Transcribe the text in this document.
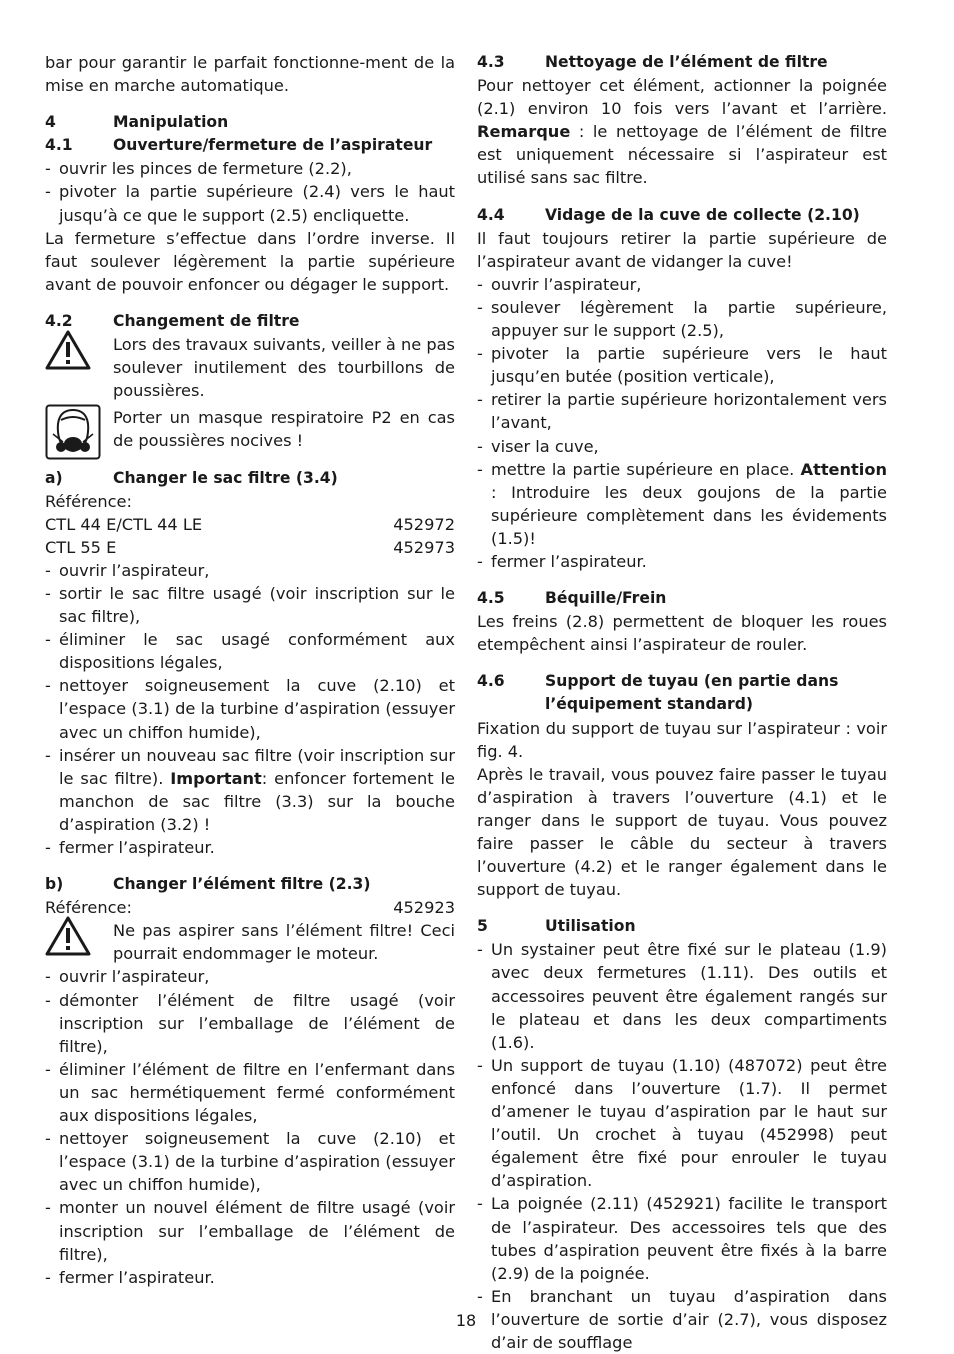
bar pour garantir le parfait fonctionne-ment de la mise en marche automatique.

4	Manipulation
4.1	Ouverture/fermeture de l’aspirateur
- ouvrir les pinces de fermeture (2.2),
- pivoter la partie supérieure (2.4) vers le haut jusqu’à ce que le support (2.5) encliquette.

La fermeture s’effectue dans l’ordre inverse. Il faut soulever légèrement la partie supérieure avant de pouvoir enfoncer ou dégager le support.

4.2	Changement de filtre
Lors des travaux suivants, veiller à ne pas soulever inutilement des tourbillons de poussières.
Porter un masque respiratoire P2 en cas de poussières nocives !
a)	Changer le sac filtre (3.4)

Référence:

CTL 44 E/CTL 44 LE	452972
CTL 55 E	452973
- ouvrir l’aspirateur,
- sortir le sac filtre usagé (voir inscription sur le sac filtre),
- éliminer le sac usagé conformément aux dispositions légales,
- nettoyer soigneusement la cuve (2.10) et l’espace (3.1) de la turbine d’aspiration (essuyer avec un chiffon humide),
- insérer un nouveau sac filtre (voir inscription sur le sac filtre). Important: enfoncer fortement le manchon de sac filtre (3.3) sur la bouche d’aspiration (3.2) !
- fermer l’aspirateur.
b)	Changer l’élément filtre (2.3)
Référence:	452923
Ne pas aspirer sans l’élément filtre! Ceci pourrait endommager le moteur.
- ouvrir l’aspirateur,
- démonter l’élément de filtre usagé (voir inscription sur l’emballage de l’élément de filtre),
- éliminer l’élément de filtre en l’enfermant dans un sac hermétiquement fermé conformément aux dispositions légales,
- nettoyer soigneusement la cuve (2.10) et l’espace (3.1) de la turbine d’aspiration (essuyer avec un chiffon humide),
- monter un nouvel élément de filtre usagé (voir inscription sur l’emballage de l’élément de filtre),
- fermer l’aspirateur.
4.3	Nettoyage de l’élément de filtre

Pour nettoyer cet élément, actionner la poignée (2.1) environ 10 fois vers l’avant et l’arrière. Remarque : le nettoyage de l’élément de filtre est uniquement nécessaire si l’aspirateur est utilisé sans sac filtre.

4.4	Vidage de la cuve de collecte (2.10)

Il faut toujours retirer la partie supérieure de l’aspirateur avant de vidanger la cuve!

- ouvrir l’aspirateur,
- soulever légèrement la partie supérieure, appuyer sur le support (2.5),
- pivoter la partie supérieure vers le haut jusqu’en butée (position verticale),
- retirer la partie supérieure horizontalement vers l’avant,
- viser la cuve,
- mettre la partie supérieure en place. Attention : Introduire les deux goujons de la partie supérieure complètement dans les évidements (1.5)!
- fermer l’aspirateur.
4.5	Béquille/Frein

Les freins (2.8) permettent de bloquer les roues etempêchent ainsi l’aspirateur de rouler.

4.6	Support de tuyau (en partie dans l’équipement standard)

Fixation du support de tuyau sur l’aspirateur : voir fig. 4.

Après le travail, vous pouvez faire passer le tuyau d’aspiration à travers l’ouverture (4.1) et le ranger dans le support de tuyau. Vous pouvez faire passer le câble du secteur à travers l’ouverture (4.2) et le ranger également dans le support de tuyau.

5	Utilisation
- Un systainer peut être fixé sur le plateau (1.9) avec deux fermetures (1.11). Des outils et accessoires peuvent être également rangés sur le plateau et dans les deux compartiments (1.6).
- Un support de tuyau (1.10) (487072) peut être enfoncé dans l’ouverture (1.7). Il permet d’amener le tuyau d’aspiration par le haut sur l’outil. Un crochet à tuyau (452998) peut également être fixé pour enrouler le tuyau d’aspiration.
- La poignée (2.11) (452921) facilite le transport de l’aspirateur. Des accessoires tels que des tubes d’aspiration peuvent être fixés à la barre (2.9) de la poignée.
- En branchant un tuyau d’aspiration dans l’ouverture de sortie d’air (2.7), vous disposez d’air de soufflage
18
